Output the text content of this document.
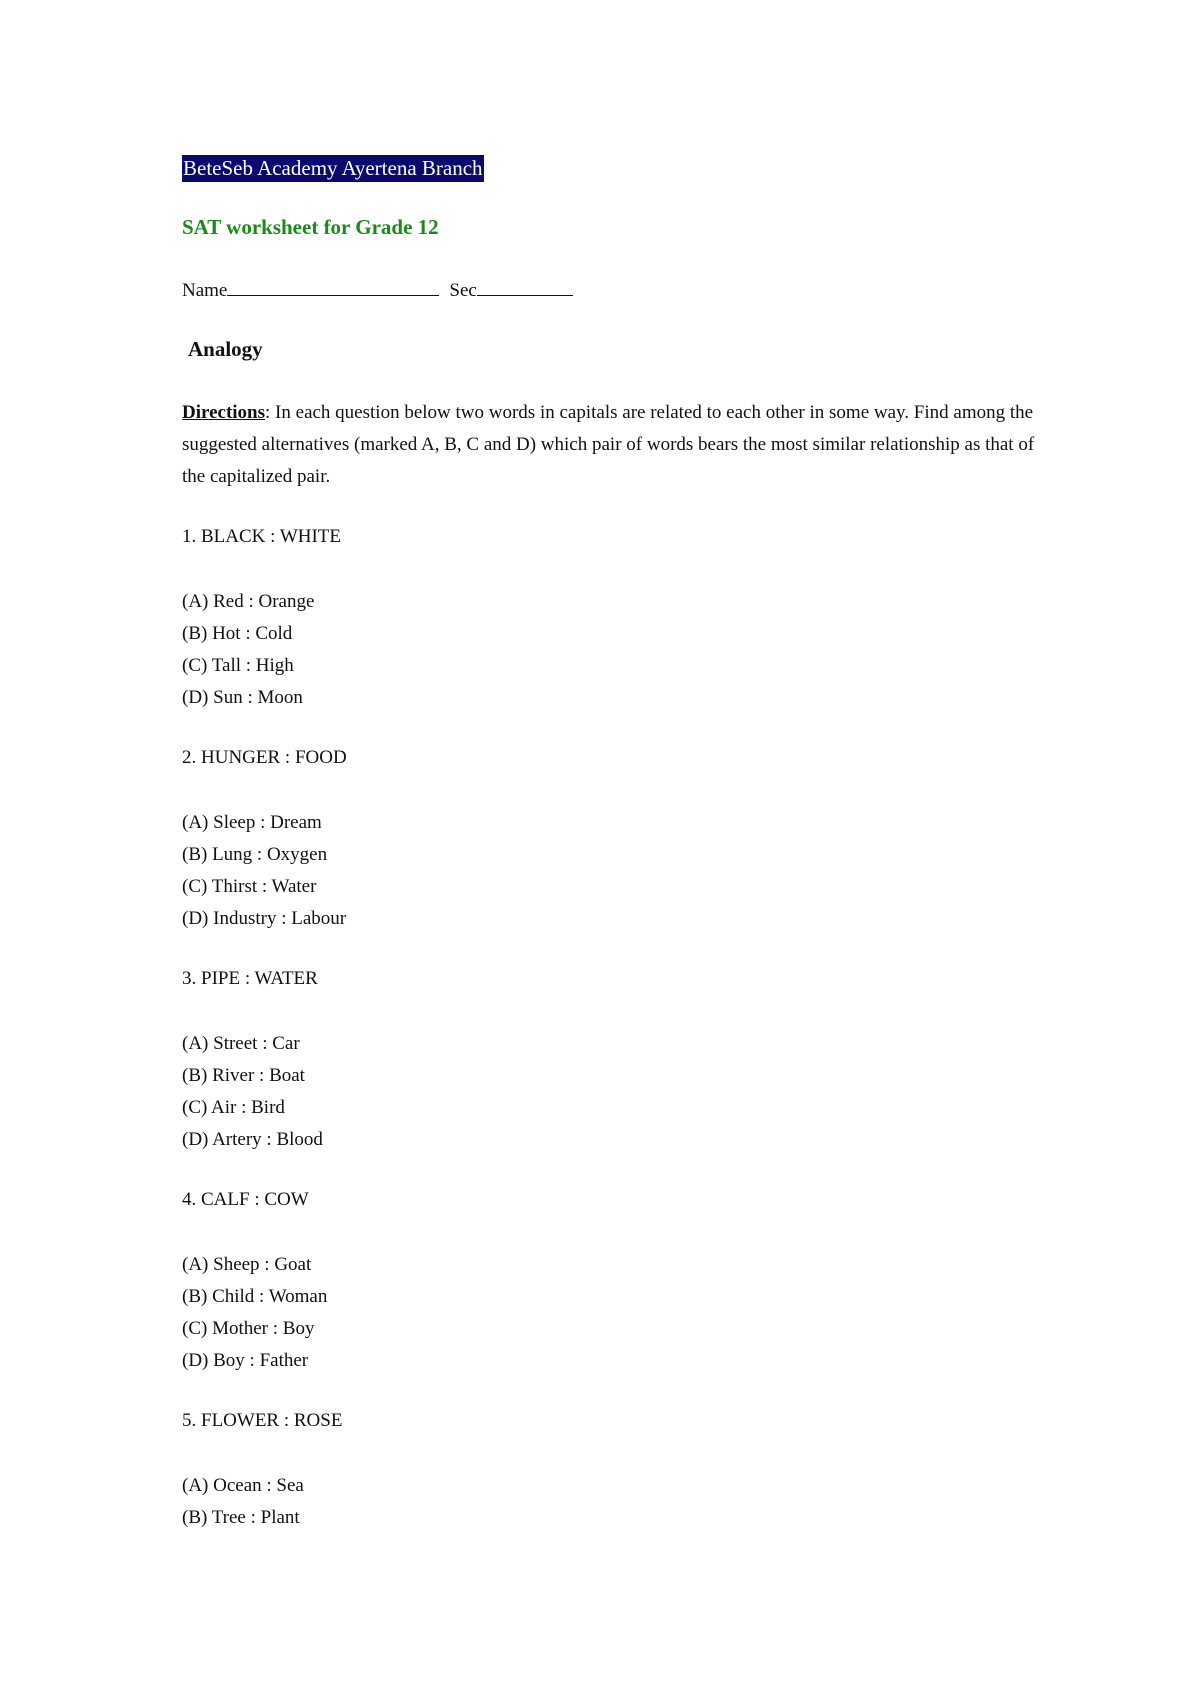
BeteSeb Academy Ayertena Branch
SAT worksheet for Grade 12
Name	Sec
Analogy
Directions: In each question below two words in capitals are related to each other in some way. Find among the suggested alternatives (marked A, B, C and D) which pair of words bears the most similar relationship as that of the capitalized pair.
1. BLACK : WHITE
(A) Red : Orange
(B) Hot : Cold
(C) Tall : High
(D) Sun : Moon
2. HUNGER : FOOD
(A) Sleep : Dream
(B) Lung : Oxygen
(C) Thirst : Water
(D) Industry : Labour
3. PIPE : WATER
(A) Street : Car
(B) River : Boat
(C) Air : Bird
(D) Artery : Blood
4. CALF : COW
(A) Sheep : Goat
(B) Child : Woman
(C) Mother : Boy
(D) Boy : Father
5. FLOWER : ROSE
(A) Ocean : Sea
(B) Tree : Plant
